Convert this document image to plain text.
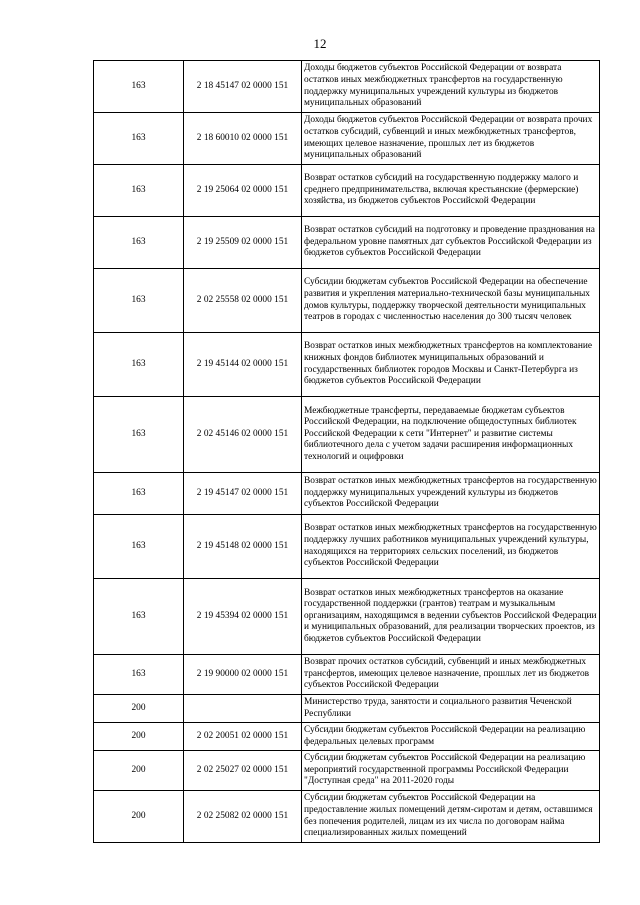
12
163	2 18 45147 02 0000 151	Доходы бюджетов субъектов Российской Федерации от возврата остатков иных межбюджетных трансфертов на государственную поддержку муниципальных учреждений культуры из бюджетов муниципальных образований
163	2 18 60010 02 0000 151	Доходы бюджетов субъектов Российской Федерации от возврата прочих остатков субсидий, субвенций и иных межбюджетных трансфертов, имеющих целевое назначение, прошлых лет из бюджетов муниципальных образований
163	2 19 25064 02 0000 151	Возврат остатков субсидий на государственную поддержку малого и среднего предпринимательства, включая крестьянские (фермерские) хозяйства, из бюджетов субъектов Российской Федерации
163	2 19 25509 02 0000 151	Возврат остатков субсидий на подготовку и проведение празднования на федеральном уровне памятных дат субъектов Российской Федерации из бюджетов субъектов Российской Федерации
163	2 02 25558 02 0000 151	Субсидии бюджетам субъектов Российской Федерации на обеспечение развития и укрепления материально-технической базы муниципальных домов культуры, поддержку творческой деятельности муниципальных театров в городах с численностью населения до 300 тысяч человек
163	2 19 45144 02 0000 151	Возврат остатков иных межбюджетных трансфертов на комплектование книжных фондов библиотек муниципальных образований и государственных библиотек городов Москвы и Санкт-Петербурга из бюджетов субъектов Российской Федерации
163	2 02 45146 02 0000 151	Межбюджетные трансферты, передаваемые бюджетам субъектов Российской Федерации, на подключение общедоступных библиотек Российской Федерации к сети "Интернет" и развитие системы библиотечного дела с учетом задачи расширения информационных технологий и оцифровки
163	2 19 45147 02 0000 151	Возврат остатков иных межбюджетных трансфертов на государственную поддержку муниципальных учреждений культуры из бюджетов субъектов Российской Федерации
163	2 19 45148 02 0000 151	Возврат остатков иных межбюджетных трансфертов на государственную поддержку лучших работников муниципальных учреждений культуры, находящихся на территориях сельских поселений, из бюджетов субъектов Российской Федерации
163	2 19 45394 02 0000 151	Возврат остатков иных межбюджетных трансфертов на оказание государственной поддержки (грантов) театрам и музыкальным организациям, находящимся в ведении субъектов Российской Федерации и муниципальных образований, для реализации творческих проектов, из бюджетов субъектов Российской Федерации
163	2 19 90000 02 0000 151	Возврат прочих остатков субсидий, субвенций и иных межбюджетных трансфертов, имеющих целевое назначение, прошлых лет из бюджетов субъектов Российской Федерации
200		Министерство труда, занятости и социального развития Чеченской Республики
200	2 02 20051 02 0000 151	Субсидии бюджетам субъектов Российской Федерации на реализацию федеральных целевых программ
200	2 02 25027 02 0000 151	Субсидии бюджетам субъектов Российской Федерации на реализацию мероприятий государственной программы Российской Федерации "Доступная среда" на 2011-2020 годы
200	2 02 25082 02 0000 151	Субсидии бюджетам субъектов Российской Федерации на предоставление жилых помещений детям-сиротам и детям, оставшимся без попечения родителей, лицам из их числа по договорам найма специализированных жилых помещений
